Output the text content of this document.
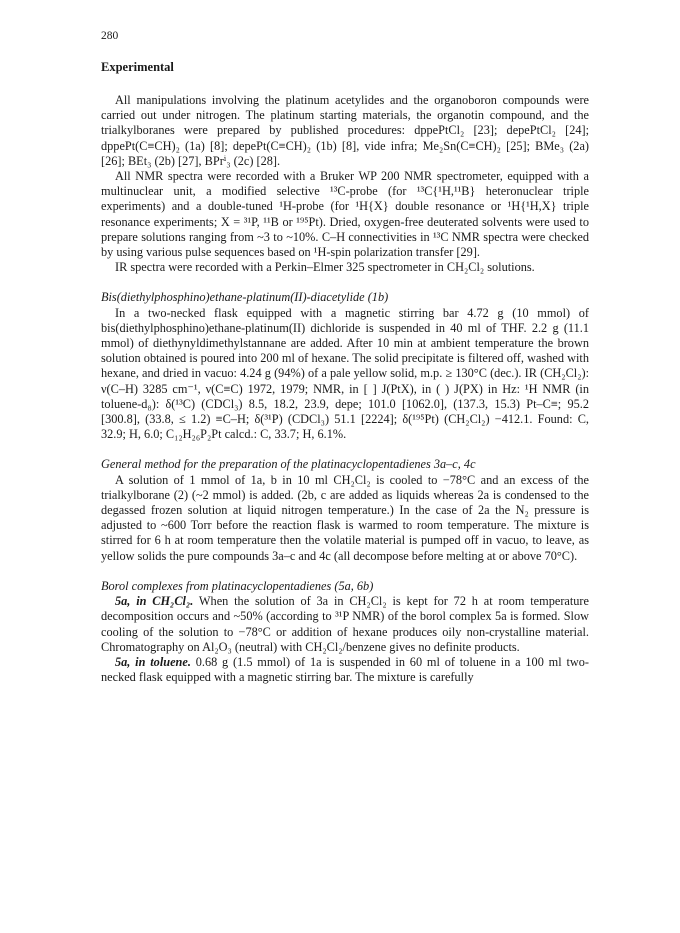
280
Experimental

All manipulations involving the platinum acetylides and the organoboron compounds were carried out under nitrogen. The platinum starting materials, the organotin compound, and the trialkylboranes were prepared by published procedures: dppePtCl₂ [23]; depePtCl₂ [24]; dppePt(C≡CH)₂ (1a) [8]; depePt(C≡CH)₂ (1b) [8], vide infra; Me₂Sn(C≡CH)₂ [25]; BMe₃ (2a) [26]; BEt₃ (2b) [27], BPrⁱ₃ (2c) [28].

All NMR spectra were recorded with a Bruker WP 200 NMR spectrometer, equipped with a multinuclear unit, a modified selective ¹³C-probe (for ¹³C{¹H,¹¹B} heteronuclear triple experiments) and a double-tuned ¹H-probe (for ¹H{X} double resonance or ¹H{¹H,X} triple resonance experiments; X = ³¹P, ¹¹B or ¹⁹⁵Pt). Dried, oxygen-free deuterated solvents were used to prepare solutions ranging from ~3 to ~10%. C–H connectivities in ¹³C NMR spectra were checked by using various pulse sequences based on ¹H-spin polarization transfer [29].

IR spectra were recorded with a Perkin–Elmer 325 spectrometer in CH₂Cl₂ solutions.

Bis(diethylphosphino)ethane-platinum(II)-diacetylide (1b)

In a two-necked flask equipped with a magnetic stirring bar 4.72 g (10 mmol) of bis(diethylphosphino)ethane-platinum(II) dichloride is suspended in 40 ml of THF. 2.2 g (11.1 mmol) of diethynyldimethylstannane are added. After 10 min at ambient temperature the brown solution obtained is poured into 200 ml of hexane. The solid precipitate is filtered off, washed with hexane, and dried in vacuo: 4.24 g (94%) of a pale yellow solid, m.p. ≥ 130°C (dec.). IR (CH₂Cl₂): ν(C–H) 3285 cm⁻¹, ν(C≡C) 1972, 1979; NMR, in [ ] J(PtX), in ( ) J(PX) in Hz: ¹H NMR (in toluene-d₈): δ(¹³C) (CDCl₃) 8.5, 18.2, 23.9, depe; 101.0 [1062.0], (137.3, 15.3) Pt–C≡; 95.2 [300.8], (33.8, ≤ 1.2) ≡C–H; δ(³¹P) (CDCl₃) 51.1 [2224]; δ(¹⁹⁵Pt) (CH₂Cl₂) −412.1. Found: C, 32.9; H, 6.0; C₁₂H₂₆P₂Pt calcd.: C, 33.7; H, 6.1%.

General method for the preparation of the platinacyclopentadienes 3a–c, 4c

A solution of 1 mmol of 1a, b in 10 ml CH₂Cl₂ is cooled to −78°C and an excess of the trialkylborane (2) (~2 mmol) is added. (2b, c are added as liquids whereas 2a is condensed to the degassed frozen solution at liquid nitrogen temperature.) In the case of 2a the N₂ pressure is adjusted to ~600 Torr before the reaction flask is warmed to room temperature. The mixture is stirred for 6 h at room temperature then the volatile material is pumped off in vacuo, to leave, as yellow solids the pure compounds 3a–c and 4c (all decompose before melting at or above 70°C).

Borol complexes from platinacyclopentadienes (5a, 6b)

5a, in CH₂Cl₂. When the solution of 3a in CH₂Cl₂ is kept for 72 h at room temperature decomposition occurs and ~50% (according to ³¹P NMR) of the borol complex 5a is formed. Slow cooling of the solution to −78°C or addition of hexane produces oily non-crystalline material. Chromatography on Al₂O₃ (neutral) with CH₂Cl₂/benzene gives no definite products.

5a, in toluene. 0.68 g (1.5 mmol) of 1a is suspended in 60 ml of toluene in a 100 ml two-necked flask equipped with a magnetic stirring bar. The mixture is carefully
